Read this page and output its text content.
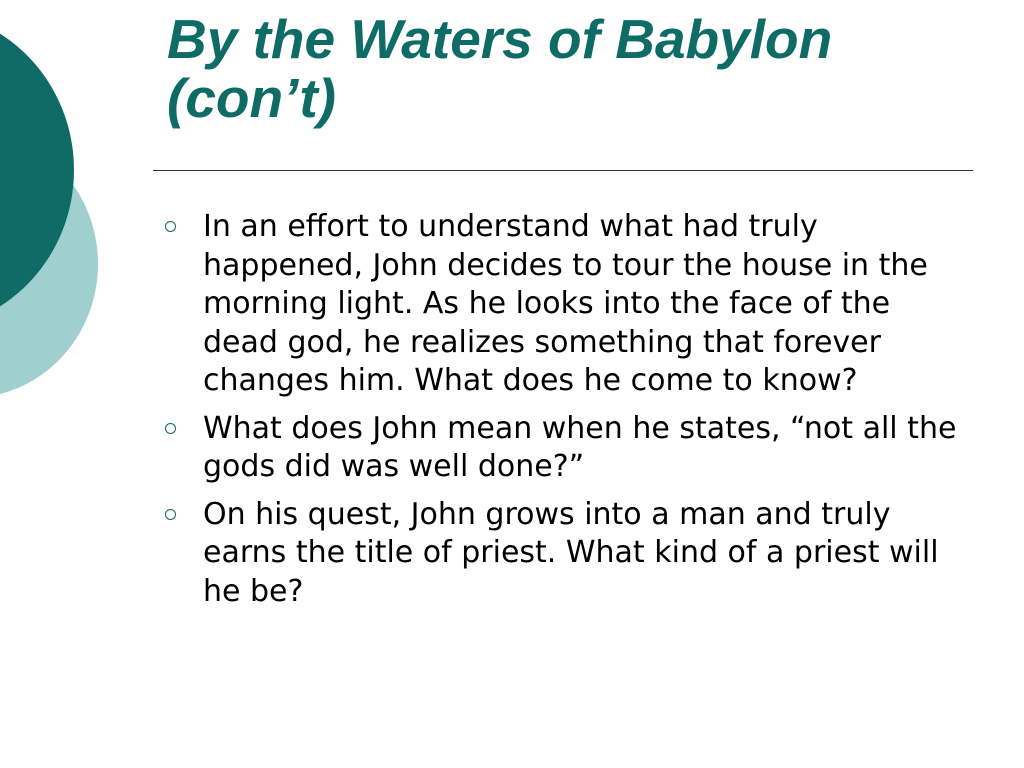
By the Waters of Babylon
(con’t)
In an effort to understand what had truly happened, John decides to tour the house in the morning light. As he looks into the face of the dead god, he realizes something that forever changes him. What does he come to know?
What does John mean when he states, “not all the gods did was well done?”
On his quest, John grows into a man and truly earns the title of priest. What kind of a priest will he be?
